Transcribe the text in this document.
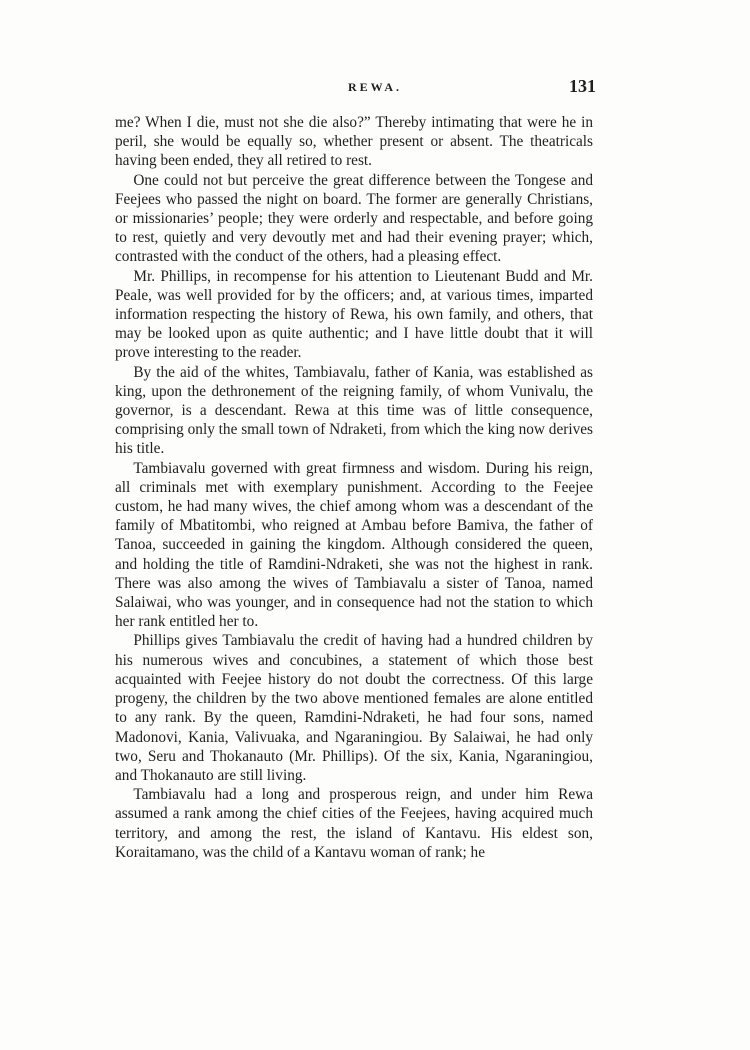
REWA.	131

me? When I die, must not she die also?” Thereby intimating that were he in peril, she would be equally so, whether present or absent. The theatricals having been ended, they all retired to rest.

One could not but perceive the great difference between the Tongese and Feejees who passed the night on board. The former are generally Christians, or missionaries’ people; they were orderly and respectable, and before going to rest, quietly and very devoutly met and had their evening prayer; which, contrasted with the conduct of the others, had a pleasing effect.

Mr. Phillips, in recompense for his attention to Lieutenant Budd and Mr. Peale, was well provided for by the officers; and, at various times, imparted information respecting the history of Rewa, his own family, and others, that may be looked upon as quite authentic; and I have little doubt that it will prove interesting to the reader.

By the aid of the whites, Tambiavalu, father of Kania, was established as king, upon the dethronement of the reigning family, of whom Vunivalu, the governor, is a descendant. Rewa at this time was of little consequence, comprising only the small town of Ndraketi, from which the king now derives his title.

Tambiavalu governed with great firmness and wisdom. During his reign, all criminals met with exemplary punishment. According to the Feejee custom, he had many wives, the chief among whom was a descendant of the family of Mbatitombi, who reigned at Ambau before Bamiva, the father of Tanoa, succeeded in gaining the kingdom. Although considered the queen, and holding the title of Ramdini-Ndraketi, she was not the highest in rank. There was also among the wives of Tambiavalu a sister of Tanoa, named Salaiwai, who was younger, and in consequence had not the station to which her rank entitled her to.

Phillips gives Tambiavalu the credit of having had a hundred children by his numerous wives and concubines, a statement of which those best acquainted with Feejee history do not doubt the correctness. Of this large progeny, the children by the two above mentioned females are alone entitled to any rank. By the queen, Ramdini-Ndraketi, he had four sons, named Madonovi, Kania, Valivuaka, and Ngaraningiou. By Salaiwai, he had only two, Seru and Thokanauto (Mr. Phillips). Of the six, Kania, Ngaraningiou, and Thokanauto are still living.

Tambiavalu had a long and prosperous reign, and under him Rewa assumed a rank among the chief cities of the Feejees, having acquired much territory, and among the rest, the island of Kantavu. His eldest son, Koraitamano, was the child of a Kantavu woman of rank; he
